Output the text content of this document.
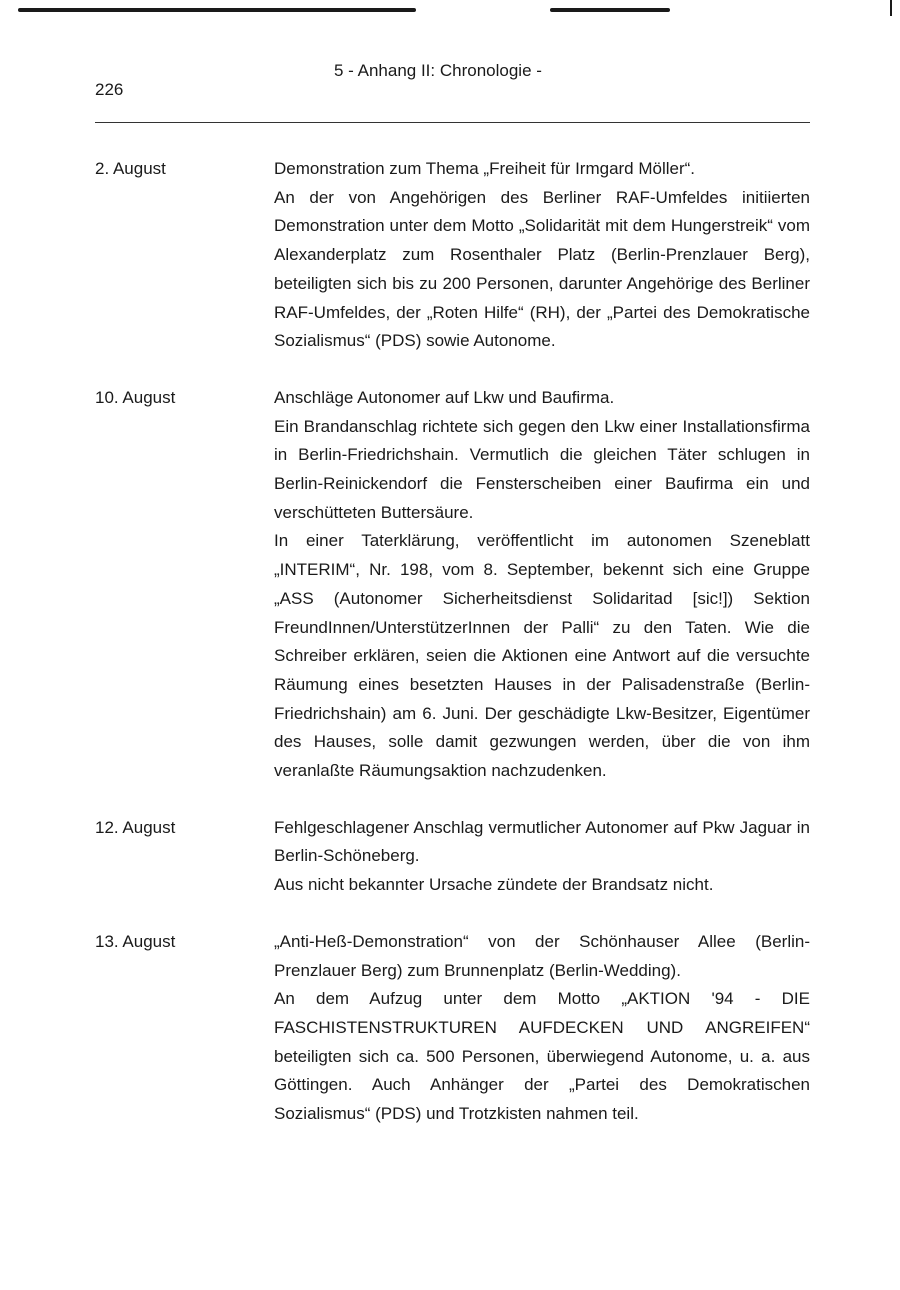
226
5 - Anhang II: Chronologie -
2. August	Demonstration zum Thema „Freiheit für Irmgard Möller“.

An der von Angehörigen des Berliner RAF-Umfeldes initiierten Demonstration unter dem Motto „Solidarität mit dem Hungerstreik“ vom Alexanderplatz zum Rosenthaler Platz (Berlin-Prenzlauer Berg), beteiligten sich bis zu 200 Personen, darunter Angehörige des Berliner RAF-Umfeldes, der „Roten Hilfe“ (RH), der „Partei des Demokratische Sozialismus“ (PDS) sowie Autonome.

10. August	Anschläge Autonomer auf Lkw und Baufirma.

Ein Brandanschlag richtete sich gegen den Lkw einer Installationsfirma in Berlin-Friedrichshain. Vermutlich die gleichen Täter schlugen in Berlin-Reinickendorf die Fensterscheiben einer Baufirma ein und verschütteten Buttersäure.

In einer Taterklärung, veröffentlicht im autonomen Szeneblatt „INTERIM“, Nr. 198, vom 8. September, bekennt sich eine Gruppe „ASS (Autonomer Sicherheitsdienst Solidaritad [sic!]) Sektion FreundInnen/UnterstützerInnen der Palli“ zu den Taten. Wie die Schreiber erklären, seien die Aktionen eine Antwort auf die versuchte Räumung eines besetzten Hauses in der Palisadenstraße (Berlin-Friedrichshain) am 6. Juni. Der geschädigte Lkw-Besitzer, Eigentümer des Hauses, solle damit gezwungen werden, über die von ihm veranlaßte Räumungsaktion nachzudenken.

12. August	Fehlgeschlagener Anschlag vermutlicher Autonomer auf Pkw Jaguar in Berlin-Schöneberg.

Aus nicht bekannter Ursache zündete der Brandsatz nicht.

13. August	„Anti-Heß-Demonstration“ von der Schönhauser Allee (Berlin-Prenzlauer Berg) zum Brunnenplatz (Berlin-Wedding).

An dem Aufzug unter dem Motto „AKTION '94 - DIE FASCHISTENSTRUKTUREN AUFDECKEN UND ANGREIFEN“ beteiligten sich ca. 500 Personen, überwiegend Autonome, u. a. aus Göttingen. Auch Anhänger der „Partei des Demokratischen Sozialismus“ (PDS) und Trotzkisten nahmen teil.
